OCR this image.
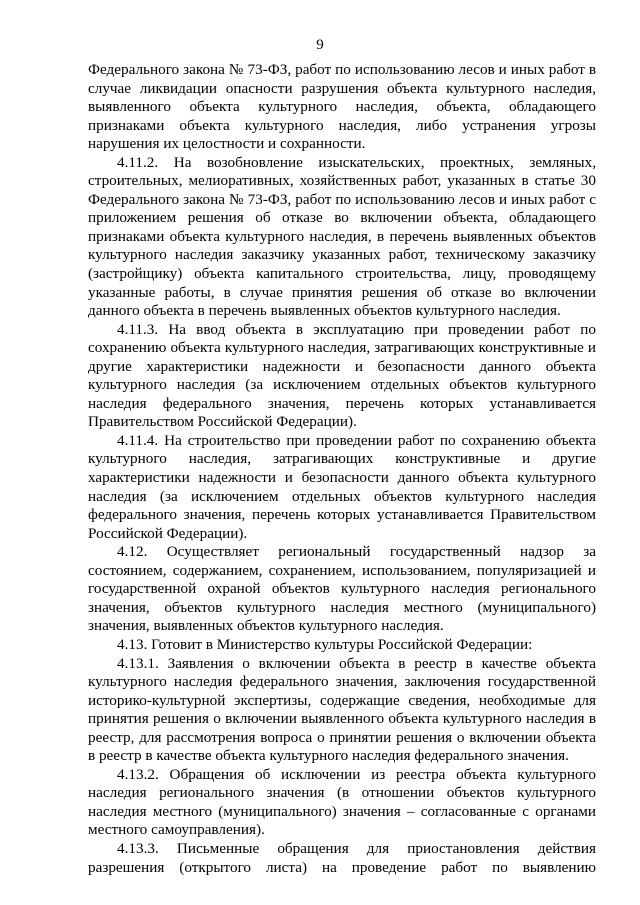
9

Федерального закона № 73-ФЗ, работ по использованию лесов и иных работ в случае ликвидации опасности разрушения объекта культурного наследия, выявленного объекта культурного наследия, объекта, обладающего признаками объекта культурного наследия, либо устранения угрозы нарушения их целостности и сохранности.

4.11.2. На возобновление изыскательских, проектных, земляных, строительных, мелиоративных, хозяйственных работ, указанных в статье 30 Федерального закона № 73-ФЗ, работ по использованию лесов и иных работ с приложением решения об отказе во включении объекта, обладающего признаками объекта культурного наследия, в перечень выявленных объектов культурного наследия заказчику указанных работ, техническому заказчику (застройщику) объекта капитального строительства, лицу, проводящему указанные работы, в случае принятия решения об отказе во включении данного объекта в перечень выявленных объектов культурного наследия.

4.11.3. На ввод объекта в эксплуатацию при проведении работ по сохранению объекта культурного наследия, затрагивающих конструктивные и другие характеристики надежности и безопасности данного объекта культурного наследия (за исключением отдельных объектов культурного наследия федерального значения, перечень которых устанавливается Правительством Российской Федерации).

4.11.4. На строительство при проведении работ по сохранению объекта культурного наследия, затрагивающих конструктивные и другие характеристики надежности и безопасности данного объекта культурного наследия (за исключением отдельных объектов культурного наследия федерального значения, перечень которых устанавливается Правительством Российской Федерации).

4.12. Осуществляет региональный государственный надзор за состоянием, содержанием, сохранением, использованием, популяризацией и государственной охраной объектов культурного наследия регионального значения, объектов культурного наследия местного (муниципального) значения, выявленных объектов культурного наследия.

4.13. Готовит в Министерство культуры Российской Федерации:

4.13.1. Заявления о включении объекта в реестр в качестве объекта культурного наследия федерального значения, заключения государственной историко-культурной экспертизы, содержащие сведения, необходимые для принятия решения о включении выявленного объекта культурного наследия в реестр, для рассмотрения вопроса о принятии решения о включении объекта в реестр в качестве объекта культурного наследия федерального значения.

4.13.2. Обращения об исключении из реестра объекта культурного наследия регионального значения (в отношении объектов культурного наследия местного (муниципального) значения – согласованные с органами местного самоуправления).

4.13.3. Письменные обращения для приостановления действия разрешения (открытого листа) на проведение работ по выявлению
